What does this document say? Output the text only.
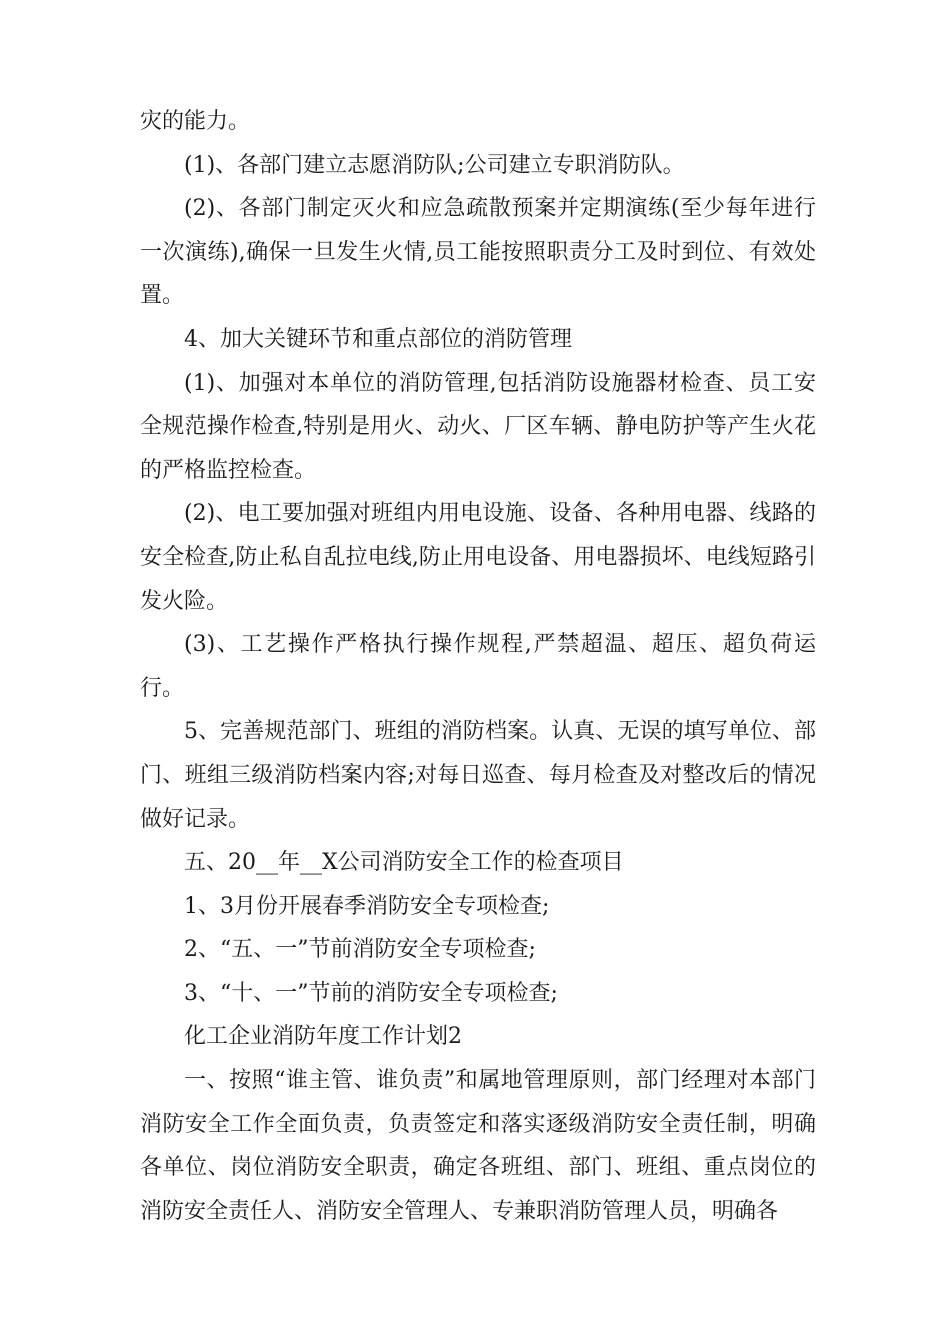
灾的能力。

(1)、各部门建立志愿消防队;公司建立专职消防队。

(2)、各部门制定灭火和应急疏散预案并定期演练(至少每年进行一次演练),确保一旦发生火情,员工能按照职责分工及时到位、有效处置。

4、加大关键环节和重点部位的消防管理

(1)、加强对本单位的消防管理,包括消防设施器材检查、员工安全规范操作检查,特别是用火、动火、厂区车辆、静电防护等产生火花的严格监控检查。

(2)、电工要加强对班组内用电设施、设备、各种用电器、线路的安全检查,防止私自乱拉电线,防止用电设备、用电器损坏、电线短路引发火险。

(3)、工艺操作严格执行操作规程,严禁超温、超压、超负荷运行。

5、完善规范部门、班组的消防档案。认真、无误的填写单位、部门、班组三级消防档案内容;对每日巡查、每月检查及对整改后的情况做好记录。

五、20__年__X公司消防安全工作的检查项目

1、3月份开展春季消防安全专项检查;

2、“五、一”节前消防安全专项检查;

3、“十、一”节前的消防安全专项检查;

化工企业消防年度工作计划2

一、按照“谁主管、谁负责”和属地管理原则，部门经理对本部门消防安全工作全面负责，负责签定和落实逐级消防安全责任制，明确各单位、岗位消防安全职责，确定各班组、部门、班组、重点岗位的消防安全责任人、消防安全管理人、专兼职消防管理人员，明确各
